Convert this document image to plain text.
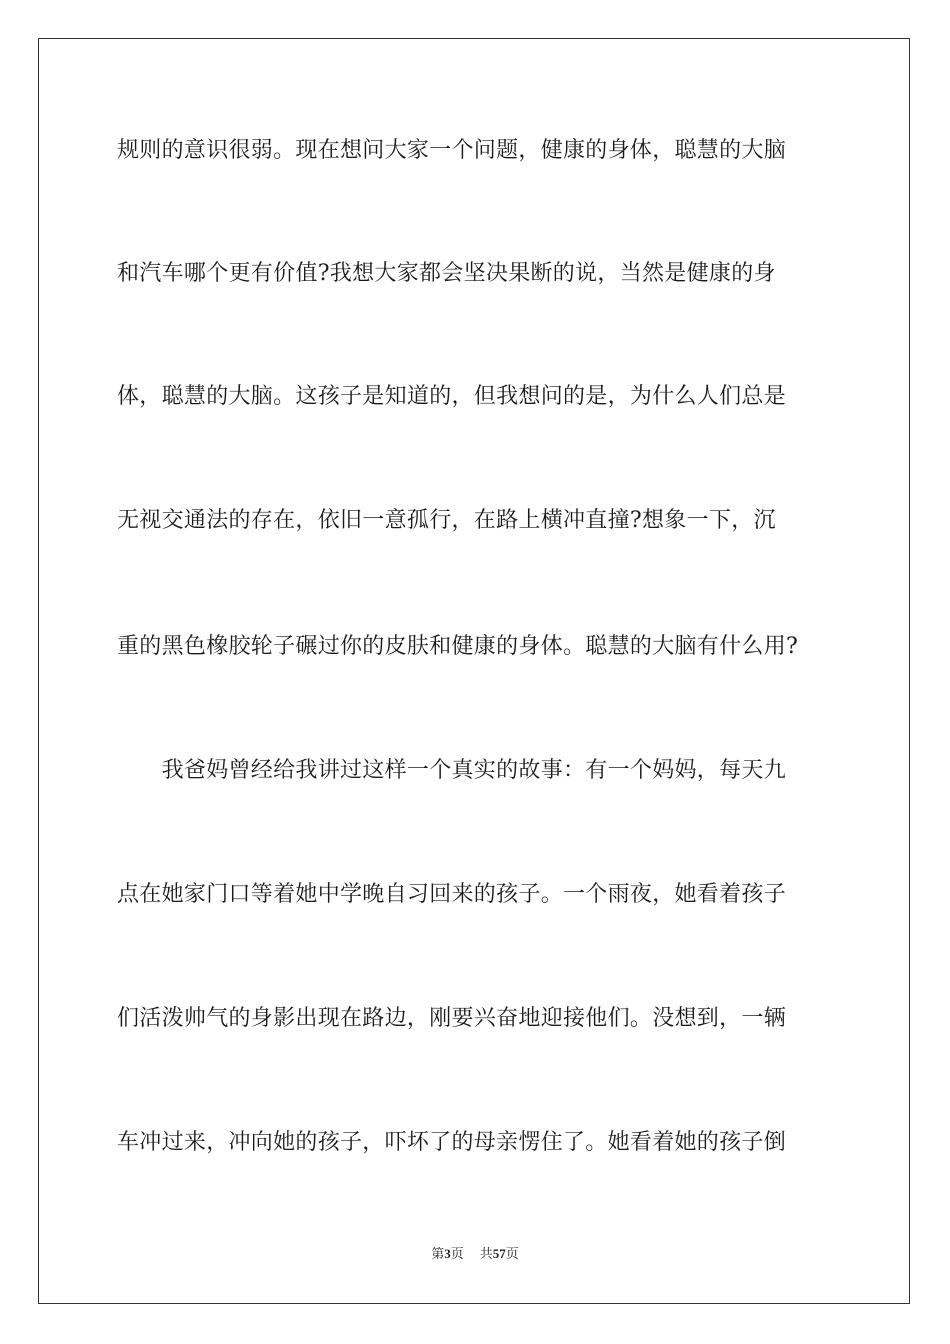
规则的意识很弱。现在想问大家一个问题，健康的身体，聪慧的大脑
和汽车哪个更有价值?我想大家都会坚决果断的说，当然是健康的身
体，聪慧的大脑。这孩子是知道的，但我想问的是，为什么人们总是
无视交通法的存在，依旧一意孤行，在路上横冲直撞?想象一下，沉
重的黑色橡胶轮子碾过你的皮肤和健康的身体。聪慧的大脑有什么用?
　　我爸妈曾经给我讲过这样一个真实的故事：有一个妈妈，每天九
点在她家门口等着她中学晚自习回来的孩子。一个雨夜，她看着孩子
们活泼帅气的身影出现在路边，刚要兴奋地迎接他们。没想到，一辆
车冲过来，冲向她的孩子，吓坏了的母亲愣住了。她看着她的孩子倒
第3页 共57页
